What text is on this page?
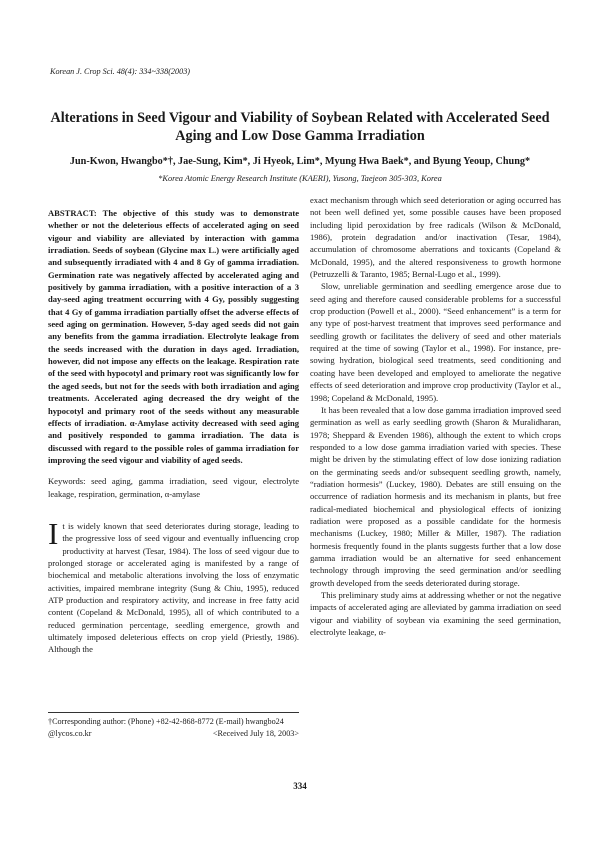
Korean J. Crop Sci. 48(4): 334~338(2003)
Alterations in Seed Vigour and Viability of Soybean Related with Accelerated Seed Aging and Low Dose Gamma Irradiation
Jun-Kwon, Hwangbo*†, Jae-Sung, Kim*, Ji Hyeok, Lim*, Myung Hwa Baek*, and Byung Yeoup, Chung*
*Korea Atomic Energy Research Institute (KAERI), Yusong, Taejeon 305-303, Korea

ABSTRACT: The objective of this study was to demonstrate whether or not the deleterious effects of accelerated aging on seed vigour and viability are alleviated by interaction with gamma irradiation. Seeds of soybean (Glycine max L.) were artificially aged and subsequently irradiated with 4 and 8 Gy of gamma irradiation. Germination rate was negatively affected by accelerated aging and positively by gamma irradiation, with a positive interaction of a 3 day-seed aging treatment occurring with 4 Gy, possibly suggesting that 4 Gy of gamma irradiation partially offset the adverse effects of seed aging on germination. However, 5-day aged seeds did not gain any benefits from the gamma irradiation. Electrolyte leakage from the seeds increased with the duration in days aged. Irradiation, however, did not impose any effects on the leakage. Respiration rate of the seed with hypocotyl and primary root was significantly low for the aged seeds, but not for the seeds with both irradiation and aging treatments. Accelerated aging decreased the dry weight of the hypocotyl and primary root of the seeds without any measurable effects of irradiation. α-Amylase activity decreased with seed aging and positively responded to gamma irradiation. The data is discussed with regard to the possible roles of gamma irradiation for improving the seed vigour and viability of aged seeds.

Keywords: seed aging, gamma irradiation, seed vigour, electrolyte leakage, respiration, germination, α-amylase

It is widely known that seed deteriorates during storage, leading to the progressive loss of seed vigour and eventually influencing crop productivity at harvest (Tesar, 1984). The loss of seed vigour due to prolonged storage or accelerated aging is manifested by a range of biochemical and metabolic alterations involving the loss of enzymatic activities, impaired membrane integrity (Sung & Chiu, 1995), reduced ATP production and respiratory activity, and increase in free fatty acid content (Copeland & McDonald, 1995), all of which contributed to a reduced germination percentage, seedling emergence, growth and ultimately imposed deleterious effects on crop yield (Priestly, 1986). Although the

exact mechanism through which seed deterioration or aging occurred has not been well defined yet, some possible causes have been proposed including lipid peroxidation by free radicals (Wilson & McDonald, 1986), protein degradation and/or inactivation (Tesar, 1984), accumulation of chromosome aberrations and toxicants (Copeland & McDonald, 1995), and the altered responsiveness to growth hormone (Petruzzelli & Taranto, 1985; Bernal-Lugo et al., 1999).

Slow, unreliable germination and seedling emergence arose due to seed aging and therefore caused considerable problems for a successful crop production (Powell et al., 2000). “Seed enhancement” is a term for any type of post-harvest treatment that improves seed performance and seedling growth or facilitates the delivery of seed and other materials required at the time of sowing (Taylor et al., 1998). For instance, pre-sowing hydration, biological seed treatments, seed conditioning and coating have been developed and employed to ameliorate the negative effects of seed deterioration and improve crop productivity (Taylor et al., 1998; Copeland & McDonald, 1995).

It has been revealed that a low dose gamma irradiation improved seed germination as well as early seedling growth (Sharon & Muralidharan, 1978; Sheppard & Evenden 1986), although the extent to which crops responded to a low dose gamma irradiation varied with species. These might be driven by the stimulating effect of low dose ionizing radiation on the germinating seeds and/or subsequent seedling growth, namely, “radiation hormesis” (Luckey, 1980). Debates are still ensuing on the occurrence of radiation hormesis and its mechanism in plants, but free radical-mediated biochemical and physiological effects of ionizing radiation were proposed as a possible candidate for the hormesis mechanisms (Luckey, 1980; Miller & Miller, 1987). The radiation hormesis frequently found in the plants suggests further that a low dose gamma irradiation would be an alternative for seed enhancement technology through improving the seed germination and/or seedling growth developed from the seeds deteriorated during storage.

This preliminary study aims at addressing whether or not the negative impacts of accelerated aging are alleviated by gamma irradiation on seed vigour and viability of soybean via examining the seed germination, electrolyte leakage, α-

†Corresponding author: (Phone) +82-42-868-8772 (E-mail) hwangbo24
@lycos.co.kr	<Received July 18, 2003>
334
